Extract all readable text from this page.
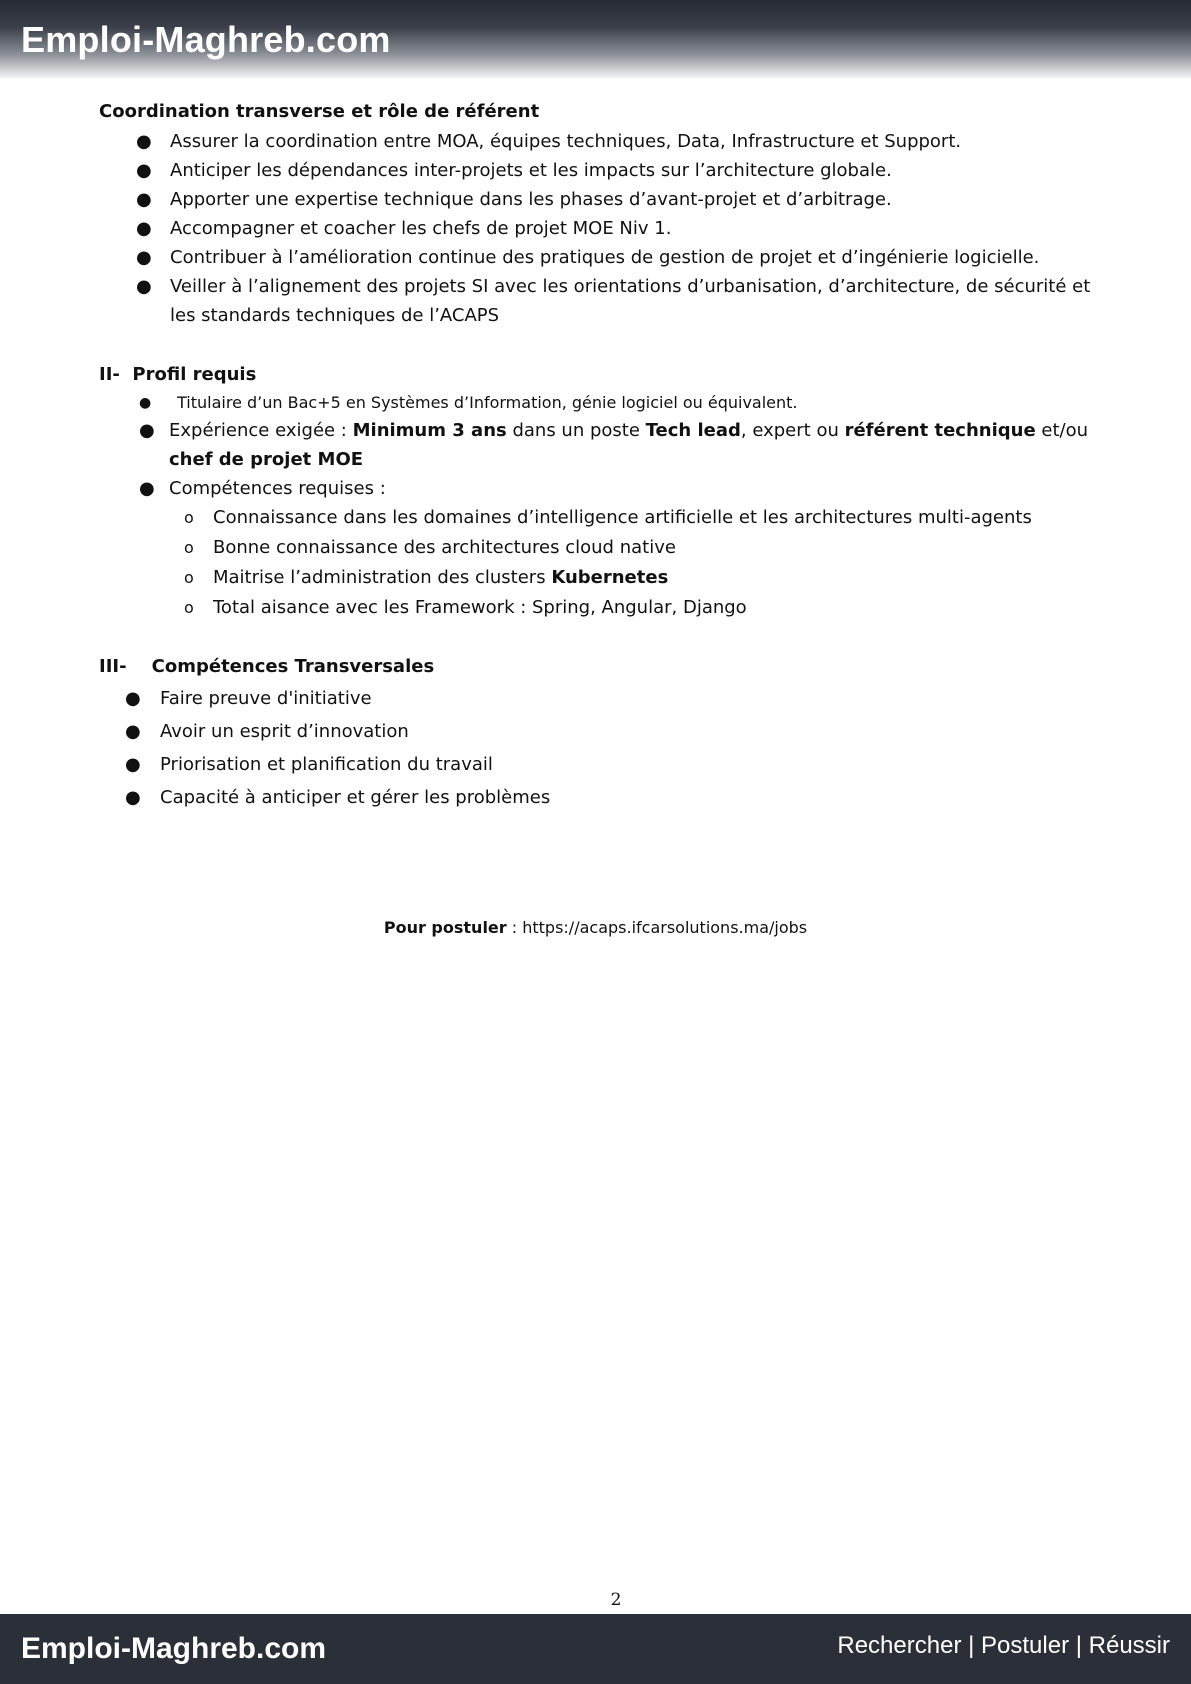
Emploi-Maghreb.com

Coordination transverse et rôle de référent

● Assurer la coordination entre MOA, équipes techniques, Data, Infrastructure et Support.
● Anticiper les dépendances inter-projets et les impacts sur l’architecture globale.
● Apporter une expertise technique dans les phases d’avant-projet et d’arbitrage.
● Accompagner et coacher les chefs de projet MOE Niv 1.
● Contribuer à l’amélioration continue des pratiques de gestion de projet et d’ingénierie logicielle.
● Veiller à l’alignement des projets SI avec les orientations d’urbanisation, d’architecture, de sécurité et les standards techniques de l’ACAPS

II- Profil requis

● Titulaire d’un Bac+5 en Systèmes d’Information, génie logiciel ou équivalent.
● Expérience exigée : Minimum 3 ans dans un poste Tech lead, expert ou référent technique et/ou chef de projet MOE
● Compétences requises :
o Connaissance dans les domaines d’intelligence artificielle et les architectures multi-agents
o Bonne connaissance des architectures cloud native
o Maitrise l’administration des clusters Kubernetes
o Total aisance avec les Framework : Spring, Angular, Django

III- Compétences Transversales

● Faire preuve d'initiative
● Avoir un esprit d’innovation
● Priorisation et planification du travail
● Capacité à anticiper et gérer les problèmes
Pour postuler : https://acaps.ifcarsolutions.ma/jobs
2
Emploi-Maghreb.com	Rechercher | Postuler | Réussir
